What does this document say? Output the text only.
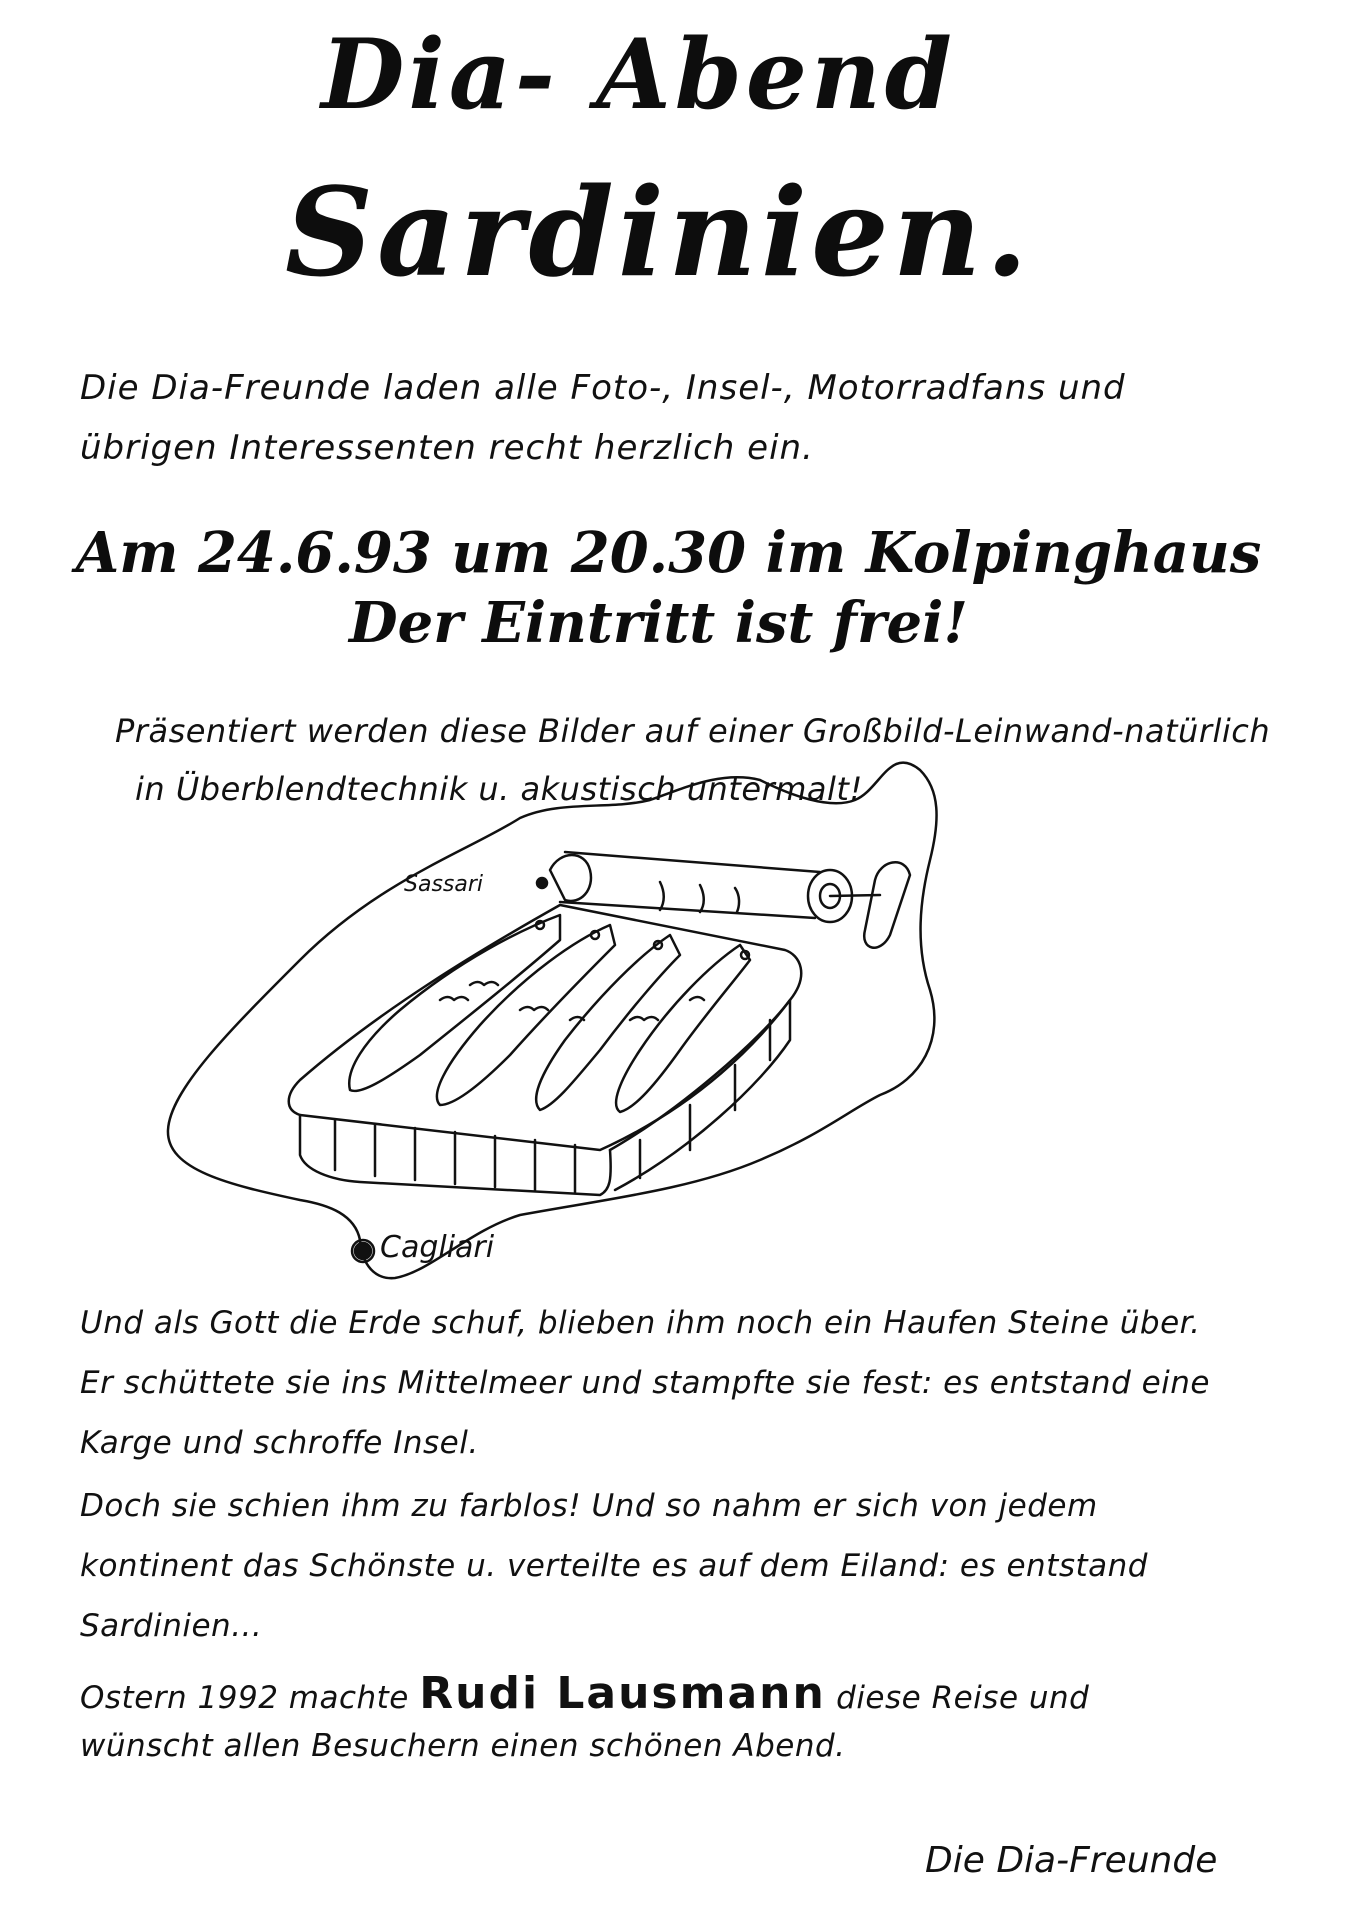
Dia- Abend
Sardinien.
Die Dia-Freunde laden alle Foto-, Insel-, Motorradfans und
übrigen Interessenten recht herzlich ein.
Am 24.6.93 um 20.30 im Kolpinghaus
Der Eintritt ist frei!
Präsentiert werden diese Bilder auf einer Großbild-Leinwand-natürlich
in Überblendtechnik u. akustisch untermalt!
Sassari
Cagliari
Und als Gott die Erde schuf, blieben ihm noch ein Haufen Steine über.
Er schüttete sie ins Mittelmeer und stampfte sie fest: es entstand eine
Karge und schroffe Insel.
Doch sie schien ihm zu farblos! Und so nahm er sich von jedem
kontinent das Schönste u. verteilte es auf dem Eiland: es entstand
Sardinien...
Ostern 1992 machte Rudi Lausmann diese Reise und
wünscht allen Besuchern einen schönen Abend.
Die Dia-Freunde
